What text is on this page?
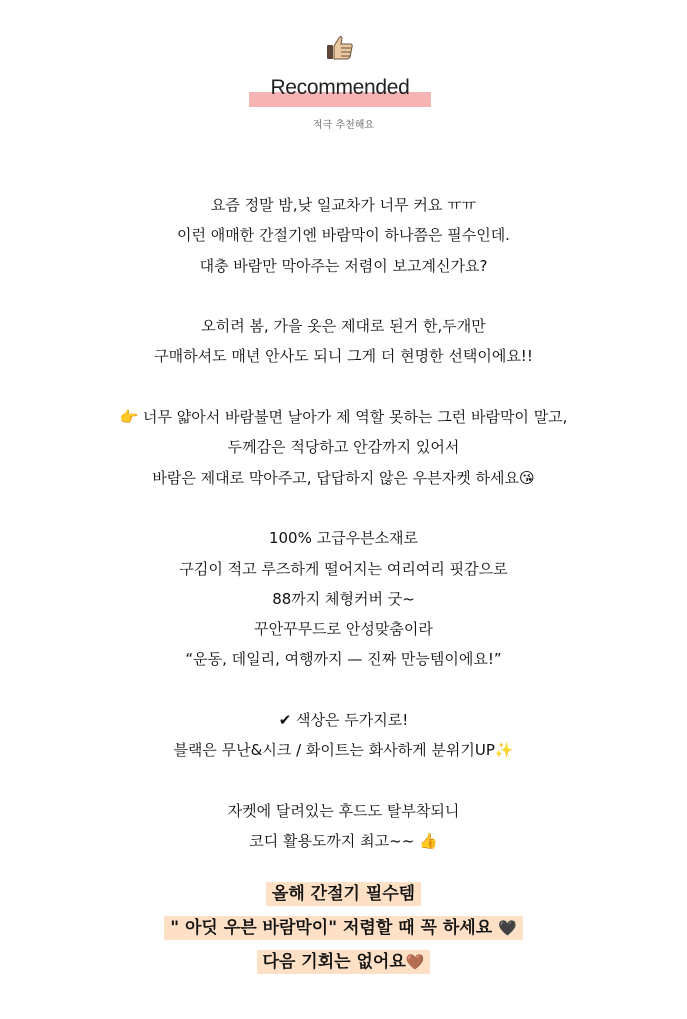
Recommended
적극 추천해요
요즘 정말 밤,낮 일교차가 너무 커요 ㅠㅠ
이런 애매한 간절기엔 바람막이 하나쯤은 필수인데.
대충 바람만 막아주는 저렴이 보고계신가요?
오히려 봄, 가을 옷은 제대로 된거 한,두개만
구매하셔도 매년 안사도 되니 그게 더 현명한 선택이에요!!
👉 너무 얇아서 바람불면 날아가 제 역할 못하는 그런 바람막이 말고,
두께감은 적당하고 안감까지 있어서
바람은 제대로 막아주고, 답답하지 않은 우븐자켓 하세요😘
100% 고급우븐소재로
구김이 적고 루즈하게 떨어지는 여리여리 핏감으로
88까지 체형커버 굿~
꾸안꾸무드로 안성맞춤이라
“운동, 데일리, 여행까지 — 진짜 만능템이에요!”
✔ 색상은 두가지로!
블랙은 무난&시크 / 화이트는 화사하게 분위기UP✨
자켓에 달려있는 후드도 탈부착되니
코디 활용도까지 최고~~ 👍
올해 간절기 필수템
" 아딧 우븐 바람막이" 저렴할 때 꼭 하세요 🖤
다음 기회는 없어요🤎
